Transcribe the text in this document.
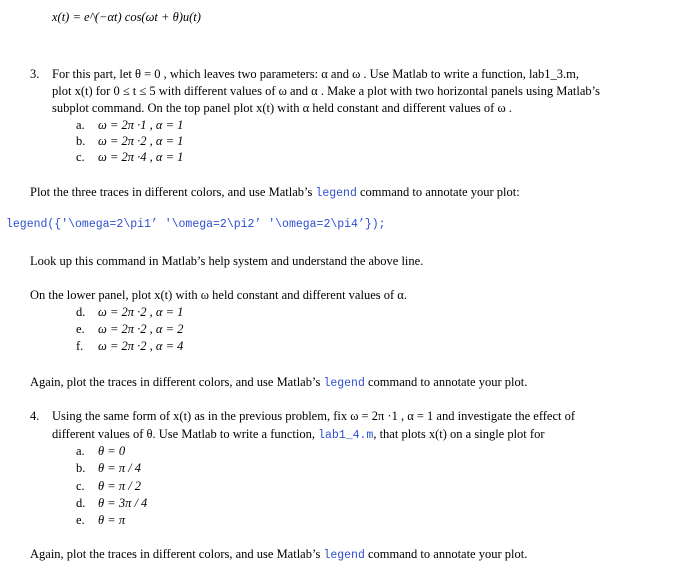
x(t) = e^(−αt) cos(ωt + θ)u(t)
3. For this part, let θ = 0 , which leaves two parameters: α and ω . Use Matlab to write a function, lab1_3.m,
plot x(t) for 0 ≤ t ≤ 5 with different values of ω and α . Make a plot with two horizontal panels using Matlab’s
subplot command. On the top panel plot x(t) with α held constant and different values of ω .
a. ω = 2π ·1 , α = 1
b. ω = 2π ·2 , α = 1
c. ω = 2π ·4 , α = 1
Plot the three traces in different colors, and use Matlab’s legend command to annotate your plot:
legend({'\omega=2\pi1’ '\omega=2\pi2’ '\omega=2\pi4’});
Look up this command in Matlab’s help system and understand the above line.
On the lower panel, plot x(t) with ω held constant and different values of α.
d. ω = 2π ·2 , α = 1
e. ω = 2π ·2 , α = 2
f. ω = 2π ·2 , α = 4
Again, plot the traces in different colors, and use Matlab’s legend command to annotate your plot.
4. Using the same form of x(t) as in the previous problem, fix ω = 2π ·1 , α = 1 and investigate the effect of
different values of θ. Use Matlab to write a function, lab1_4.m, that plots x(t) on a single plot for
a. θ = 0
b. θ = π / 4
c. θ = π / 2
d. θ = 3π / 4
e. θ = π
Again, plot the traces in different colors, and use Matlab’s legend command to annotate your plot.
